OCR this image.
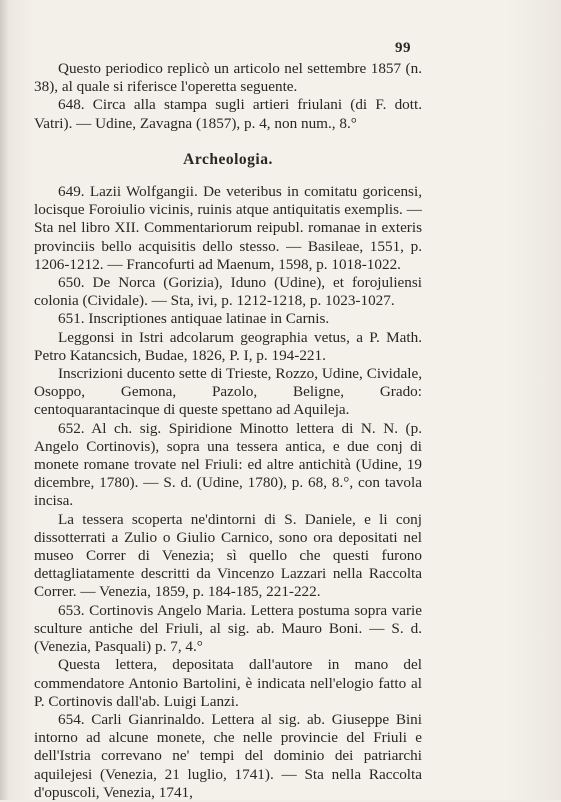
99

Questo periodico replicò un articolo nel settembre 1857 (n. 38), al quale si riferisce l'operetta seguente.

648. Circa alla stampa sugli artieri friulani (di F. dott. Vatri). — Udine, Zavagna (1857), p. 4, non num., 8.°

Archeologia.

649. Lazii Wolfgangii. De veteribus in comitatu goricensi, locisque Foroiulio vicinis, ruinis atque antiquitatis exemplis. — Sta nel libro XII. Commentariorum reipubl. romanae in exteris provinciis bello acquisitis dello stesso. — Basileae, 1551, p. 1206-1212. — Francofurti ad Maenum, 1598, p. 1018-1022.

650. De Norca (Gorizia), Iduno (Udine), et forojuliensi colonia (Cividale). — Sta, ivi, p. 1212-1218, p. 1023-1027.

651. Inscriptiones antiquae latinae in Carnis.

Leggonsi in Istri adcolarum geographia vetus, a P. Math. Petro Katancsich, Budae, 1826, P. I, p. 194-221.

Inscrizioni ducento sette di Trieste, Rozzo, Udine, Cividale, Osoppo, Gemona, Pazolo, Beligne, Grado: centoquarantacinque di queste spettano ad Aquileja.

652. Al ch. sig. Spiridione Minotto lettera di N. N. (p. Angelo Cortinovis), sopra una tessera antica, e due conj di monete romane trovate nel Friuli: ed altre antichità (Udine, 19 dicembre, 1780). — S. d. (Udine, 1780), p. 68, 8.°, con tavola incisa.

La tessera scoperta ne'dintorni di S. Daniele, e li conj dissotterrati a Zulio o Giulio Carnico, sono ora depositati nel museo Correr di Venezia; sì quello che questi furono dettagliatamente descritti da Vincenzo Lazzari nella Raccolta Correr. — Venezia, 1859, p. 184-185, 221-222.

653. Cortinovis Angelo Maria. Lettera postuma sopra varie sculture antiche del Friuli, al sig. ab. Mauro Boni. — S. d. (Venezia, Pasquali) p. 7, 4.°

Questa lettera, depositata dall'autore in mano del commendatore Antonio Bartolini, è indicata nell'elogio fatto al P. Cortinovis dall'ab. Luigi Lanzi.

654. Carli Gianrinaldo. Lettera al sig. ab. Giuseppe Bini intorno ad alcune monete, che nelle provincie del Friuli e dell'Istria correvano ne' tempi del dominio dei patriarchi aquilejesi (Venezia, 21 luglio, 1741). — Sta nella Raccolta d'opuscoli, Venezia, 1741,
